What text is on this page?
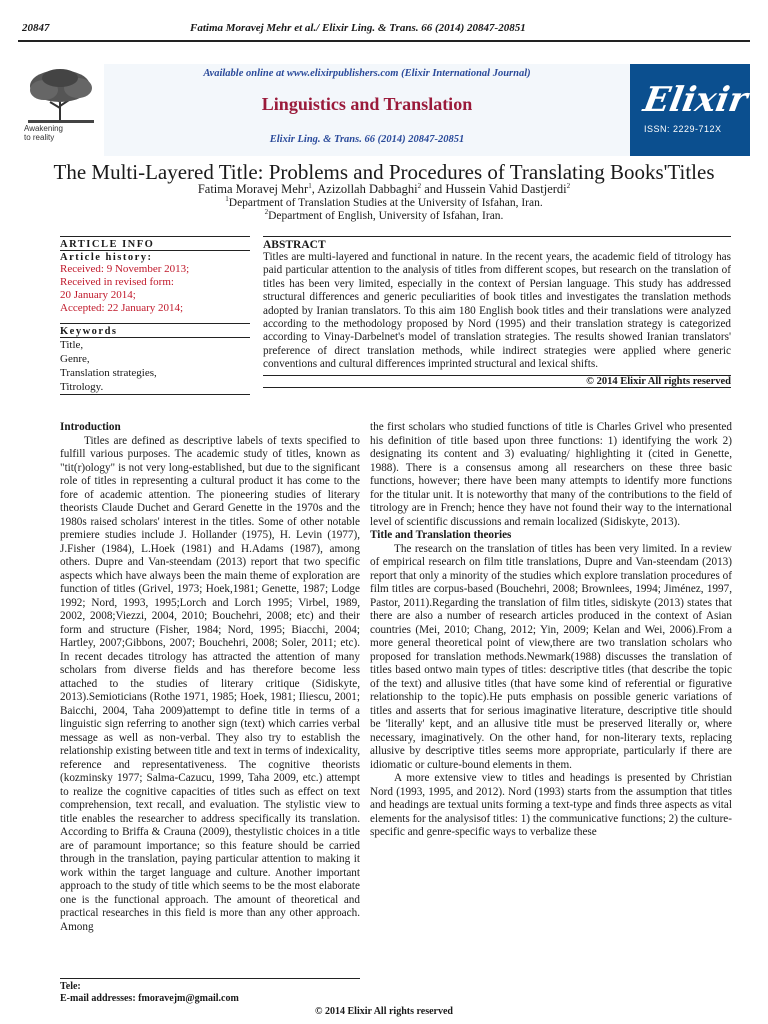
20847	Fatima Moravej Mehr et al./ Elixir Ling. & Trans. 66 (2014) 20847-20851
Awakening
to reality
Available online at www.elixirpublishers.com (Elixir International Journal)
Linguistics and Translation
Elixir Ling. & Trans. 66 (2014) 20847-20851
Elixir
ISSN: 2229-712X
The Multi-Layered Title: Problems and Procedures of Translating Books'Titles
Fatima Moravej Mehr$^1$, Azizollah Dabbaghi$^2$ and Hussein Vahid Dastjerdi$^2$
$^1$Department of Translation Studies at the University of Isfahan, Iran.
$^2$Department of English, University of Isfahan, Iran.
ARTICLE INFO
Article history:
Received: 9 November 2013;
Received in revised form:
20 January 2014;
Accepted: 22 January 2014;
Keywords
Title,
Genre,
Translation strategies,
Titrology.
ABSTRACT
Titles are multi-layered and functional in nature. In the recent years, the academic field of titrology has paid particular attention to the analysis of titles from different scopes, but research on the translation of titles has been very limited, especially in the context of Persian language. This study has addressed structural differences and generic peculiarities of book titles and investigates the translation methods adopted by Iranian translators. To this aim 180 English book titles and their translations were analyzed according to the methodology proposed by Nord (1995) and their translation strategy is categorized according to Vinay-Darbelnet's model of translation strategies. The results showed Iranian translators' preference of direct translation methods, while indirect strategies were applied where generic conventions and cultural differences imprinted structural and lexical shifts.
© 2014 Elixir All rights reserved
Introduction

Titles are defined as descriptive labels of texts specified to fulfill various purposes. The academic study of titles, known as "tit(r)ology" is not very long-established, but due to the significant role of titles in representing a cultural product it has come to the fore of academic attention. The pioneering studies of literary theorists Claude Duchet and Gerard Genette in the 1970s and the 1980s raised scholars' interest in the titles. Some of other notable premiere studies include J. Hollander (1975), H. Levin (1977), J.Fisher (1984), L.Hoek (1981) and H.Adams (1987), among others. Dupre and Van-steendam (2013) report that two specific aspects which have always been the main theme of exploration are function of titles (Grivel, 1973; Hoek,1981; Genette, 1987; Lodge 1992; Nord, 1993, 1995;Lorch and Lorch 1995; Virbel, 1989, 2002, 2008;Viezzi, 2004, 2010; Bouchehri, 2008; etc) and their form and structure (Fisher, 1984; Nord, 1995; Biacchi, 2004; Hartley, 2007;Gibbons, 2007; Bouchehri, 2008; Soler, 2011; etc). In recent decades titrology has attracted the attention of many scholars from diverse fields and has therefore become less attached to the studies of literary critique (Sidiskyte, 2013).Semioticians (Rothe 1971, 1985; Hoek, 1981; Iliescu, 2001; Baicchi, 2004, Taha 2009)attempt to define title in terms of a linguistic sign referring to another sign (text) which carries verbal message as well as non-verbal. They also try to establish the relationship existing between title and text in terms of indexicality, reference and representativeness. The cognitive theorists (kozminsky 1977; Salma-Cazucu, 1999, Taha 2009, etc.) attempt to realize the cognitive capacities of titles such as effect on text comprehension, text recall, and evaluation. The stylistic view to title enables the researcher to address specifically its translation. According to Briffa & Crauna (2009), thestylistic choices in a title are of paramount importance; so this feature should be carried through in the translation, paying particular attention to making it work within the target language and culture. Another important approach to the study of title which seems to be the most elaborate one is the functional approach. The amount of theoretical and practical researches in this field is more than any other approach. Among

the first scholars who studied functions of title is Charles Grivel who presented his definition of title based upon three functions: 1) identifying the work 2) designating its content and 3) evaluating/ highlighting it (cited in Genette, 1988). There is a consensus among all researchers on these three basic functions, however; there have been many attempts to identify more functions for the titular unit. It is noteworthy that many of the contributions to the field of titrology are in French; hence they have not found their way to the international level of scientific discussions and remain localized (Sidiskyte, 2013).

Title and Translation theories

The research on the translation of titles has been very limited. In a review of empirical research on film title translations, Dupre and Van-steendam (2013) report that only a minority of the studies which explore translation procedures of film titles are corpus-based (Bouchehri, 2008; Brownlees, 1994; Jiménez, 1997, Pastor, 2011).Regarding the translation of film titles, sidiskyte (2013) states that there are also a number of research articles produced in the context of Asian countries (Mei, 2010; Chang, 2012; Yin, 2009; Kelan and Wei, 2006).From a more general theoretical point of view,there are two translation scholars who proposed for translation methods.Newmark(1988) discusses the translation of titles based ontwo main types of titles: descriptive titles (that describe the topic of the text) and allusive titles (that have some kind of referential or figurative relationship to the topic).He puts emphasis on possible generic variations of titles and asserts that for serious imaginative literature, descriptive title should be 'literally' kept, and an allusive title must be preserved literally or, where necessary, imaginatively. On the other hand, for non-literary texts, replacing allusive by descriptive titles seems more appropriate, particularly if there are idiomatic or culture-bound elements in them.

A more extensive view to titles and headings is presented by Christian Nord (1993, 1995, and 2012). Nord (1993) starts from the assumption that titles and headings are textual units forming a text-type and finds three aspects as vital elements for the analysisof titles: 1) the communicative functions; 2) the culture-specific and genre-specific ways to verbalize these

Tele:
E-mail addresses: fmoravejm@gmail.com
© 2014 Elixir All rights reserved
